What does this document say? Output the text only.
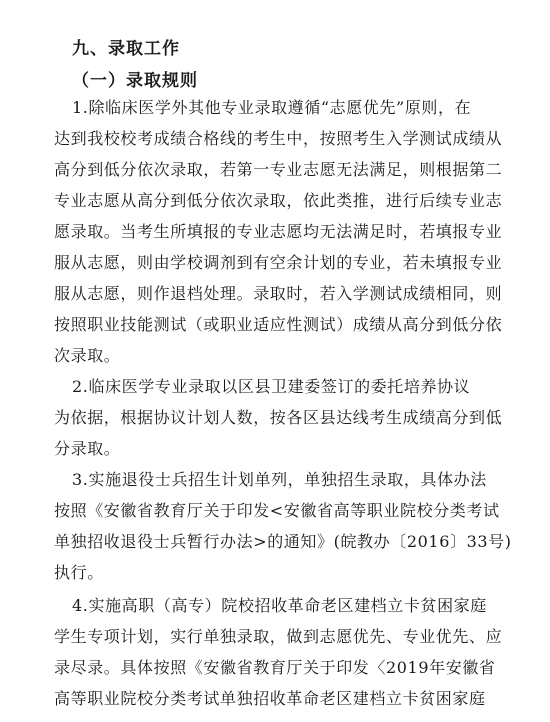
九、录取工作
（一）录取规则
1.除临床医学外其他专业录取遵循“志愿优先”原则，在
达到我校校考成绩合格线的考生中，按照考生入学测试成绩从
高分到低分依次录取，若第一专业志愿无法满足，则根据第二
专业志愿从高分到低分依次录取，依此类推，进行后续专业志
愿录取。当考生所填报的专业志愿均无法满足时，若填报专业
服从志愿，则由学校调剂到有空余计划的专业，若未填报专业
服从志愿，则作退档处理。录取时，若入学测试成绩相同，则
按照职业技能测试（或职业适应性测试）成绩从高分到低分依
次录取。
2.临床医学专业录取以区县卫建委签订的委托培养协议
为依据，根据协议计划人数，按各区县达线考生成绩高分到低
分录取。
3.实施退役士兵招生计划单列，单独招生录取，具体办法
按照《安徽省教育厅关于印发<安徽省高等职业院校分类考试
单独招收退役士兵暂行办法>的通知》(皖教办〔2016〕33号)
执行。
4.实施高职（高专）院校招收革命老区建档立卡贫困家庭
学生专项计划，实行单独录取，做到志愿优先、专业优先、应
录尽录。具体按照《安徽省教育厅关于印发〈2019年安徽省
高等职业院校分类考试单独招收革命老区建档立卡贫困家庭
